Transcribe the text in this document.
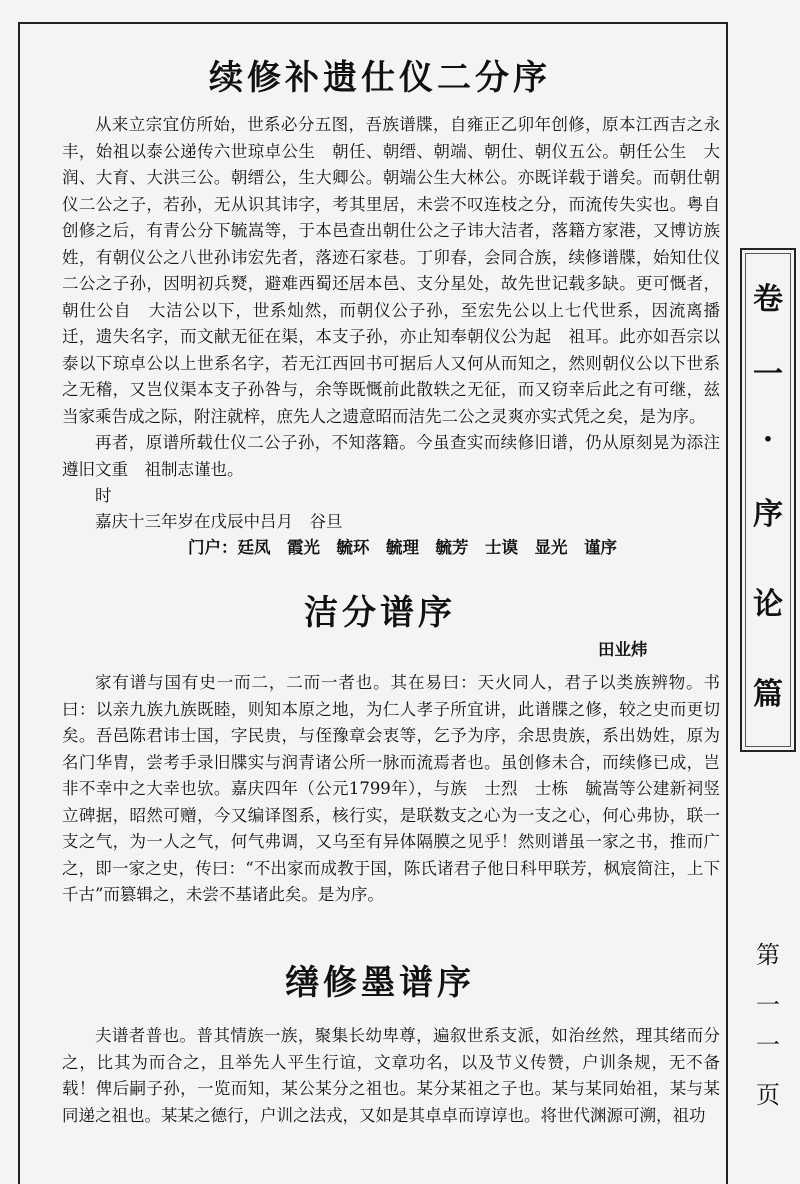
续修补遗仕仪二分序

从来立宗宜仿所始，世系必分五图，吾族谱牒，自雍正乙卯年创修，原本江西吉之永丰，始祖以泰公递传六世琼卓公生　朝任、朝缙、朝端、朝仕、朝仪五公。朝任公生　大润、大育、大洪三公。朝缙公，生大卿公。朝端公生大林公。亦既详载于谱矣。而朝仕朝仪二公之子，若孙，无从识其讳字，考其里居，未尝不叹连枝之分，而流传失实也。粤自创修之后，有青公分下毓嵩等，于本邑查出朝仕公之子讳大洁者，落籍方家港，又博访族姓，有朝仪公之八世孙讳宏先者，落迹石家巷。丁卯春，会同合族，续修谱牒，始知仕仪二公之子孙，因明初兵燹，避难西蜀还居本邑、支分星处，故先世记载多缺。更可慨者，朝仕公自　大洁公以下，世系灿然，而朝仪公子孙，至宏先公以上七代世系，因流离播迁，遗失名字，而文献无征在渠，本支子孙，亦止知奉朝仪公为起　祖耳。此亦如吾宗以泰以下琼卓公以上世系名字，若无江西回书可据后人又何从而知之，然则朝仪公以下世系之无稽，又岂仪渠本支子孙咎与，余等既慨前此散轶之无征，而又窃幸后此之有可继，兹当家乘告成之际，附注就梓，庶先人之遗意昭而洁先二公之灵爽亦实式凭之矣，是为序。

再者，原谱所载仕仪二公子孙，不知落籍。今虽查实而续修旧谱，仍从原刻晃为添注遵旧文重　祖制志谨也。

时
嘉庆十三年岁在戊辰中吕月　谷旦
门户：廷凤　霞光　毓环　毓理　毓芳　士谟　显光　谨序
洁分谱序
田业炜

家有谱与国有史一而二，二而一者也。其在易曰：天火同人，君子以类族辨物。书曰：以亲九族九族既睦，则知本原之地，为仁人孝子所宜讲，此谱牒之修，较之史而更切矣。吾邑陈君讳士国，字民贵，与侄豫章会衷等，乞予为序，余思贵族，系出妫姓，原为名门华胄，尝考手录旧牒实与润青诸公所一脉而流焉者也。虽创修未合，而续修已成，岂非不幸中之大幸也欤。嘉庆四年（公元1799年），与族　士烈　士栋　毓嵩等公建新祠竖立碑据，昭然可赠，今又编译图系，核行实，是联数支之心为一支之心，何心弗协，联一支之气，为一人之气，何气弗调，又乌至有异体隔膜之见乎！然则谱虽一家之书，推而广之，即一家之史，传曰：“不出家而成教于国，陈氏诸君子他日科甲联芳，枫宸简注，上下千古”而篡辑之，未尝不基诸此矣。是为序。

缮修墨谱序

夫谱者普也。普其情族一族，聚集长幼卑尊，遍叙世系支派，如治丝然，理其绪而分之，比其为而合之，且举先人平生行谊，文章功名，以及节义传赞，户训条规，无不备载！俾后嗣子孙，一览而知，某公某分之祖也。某分某祖之子也。某与某同始祖，某与某同递之祖也。某某之德行，户训之法戎，又如是其卓卓而谆谆也。将世代渊源可溯，祖功

卷
一
·
序
论
篇
第
一
一
页
